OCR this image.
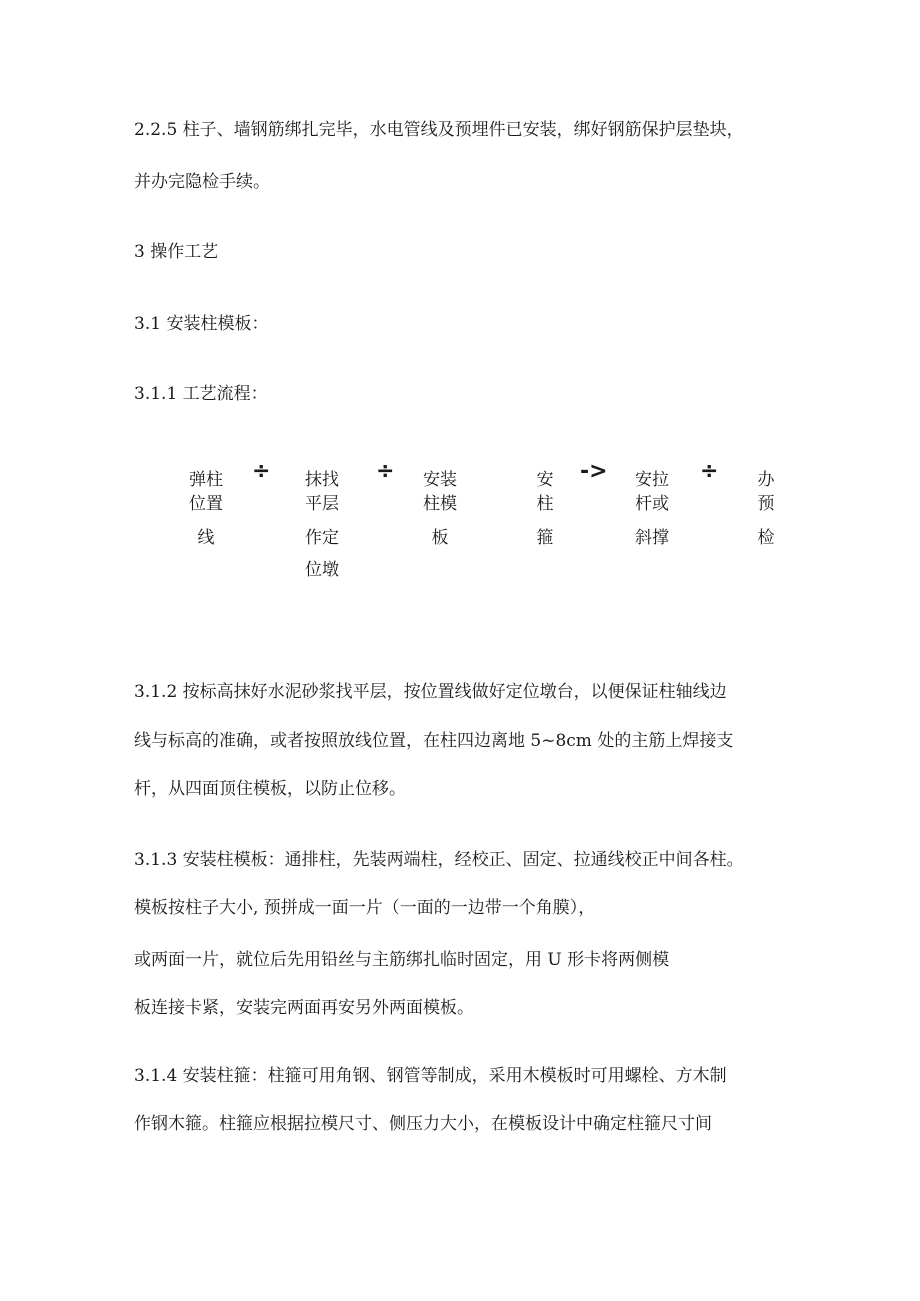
2.2.5 柱子、墙钢筋绑扎完毕，水电管线及预埋件已安装，绑好钢筋保护层垫块，
并办完隐检手续。
3 操作工艺
3.1 安装柱模板：
3.1.1 工艺流程：
弹柱
位置
线
÷ 抹找
平层
作定
位墩
÷ 安装
柱模
板
安
柱
箍
-> 安拉
杆或
斜撑
÷ 办
预
检
3.1.2 按标高抹好水泥砂浆找平层，按位置线做好定位墩台，以便保证柱轴线边
线与标高的准确，或者按照放线位置，在柱四边离地 5~8cm 处的主筋上焊接支
杆，从四面顶住模板，以防止位移。
3.1.3 安装柱模板：通排柱，先装两端柱，经校正、固定、拉通线校正中间各柱。
模板按柱子大小, 预拼成一面一片（一面的一边带一个角膜），
或两面一片，就位后先用铅丝与主筋绑扎临时固定，用 U 形卡将两侧模
板连接卡紧，安装完两面再安另外两面模板。
3.1.4 安装柱箍：柱箍可用角钢、钢管等制成，采用木模板时可用螺栓、方木制
作钢木箍。柱箍应根据拉模尺寸、侧压力大小，在模板设计中确定柱箍尺寸间
